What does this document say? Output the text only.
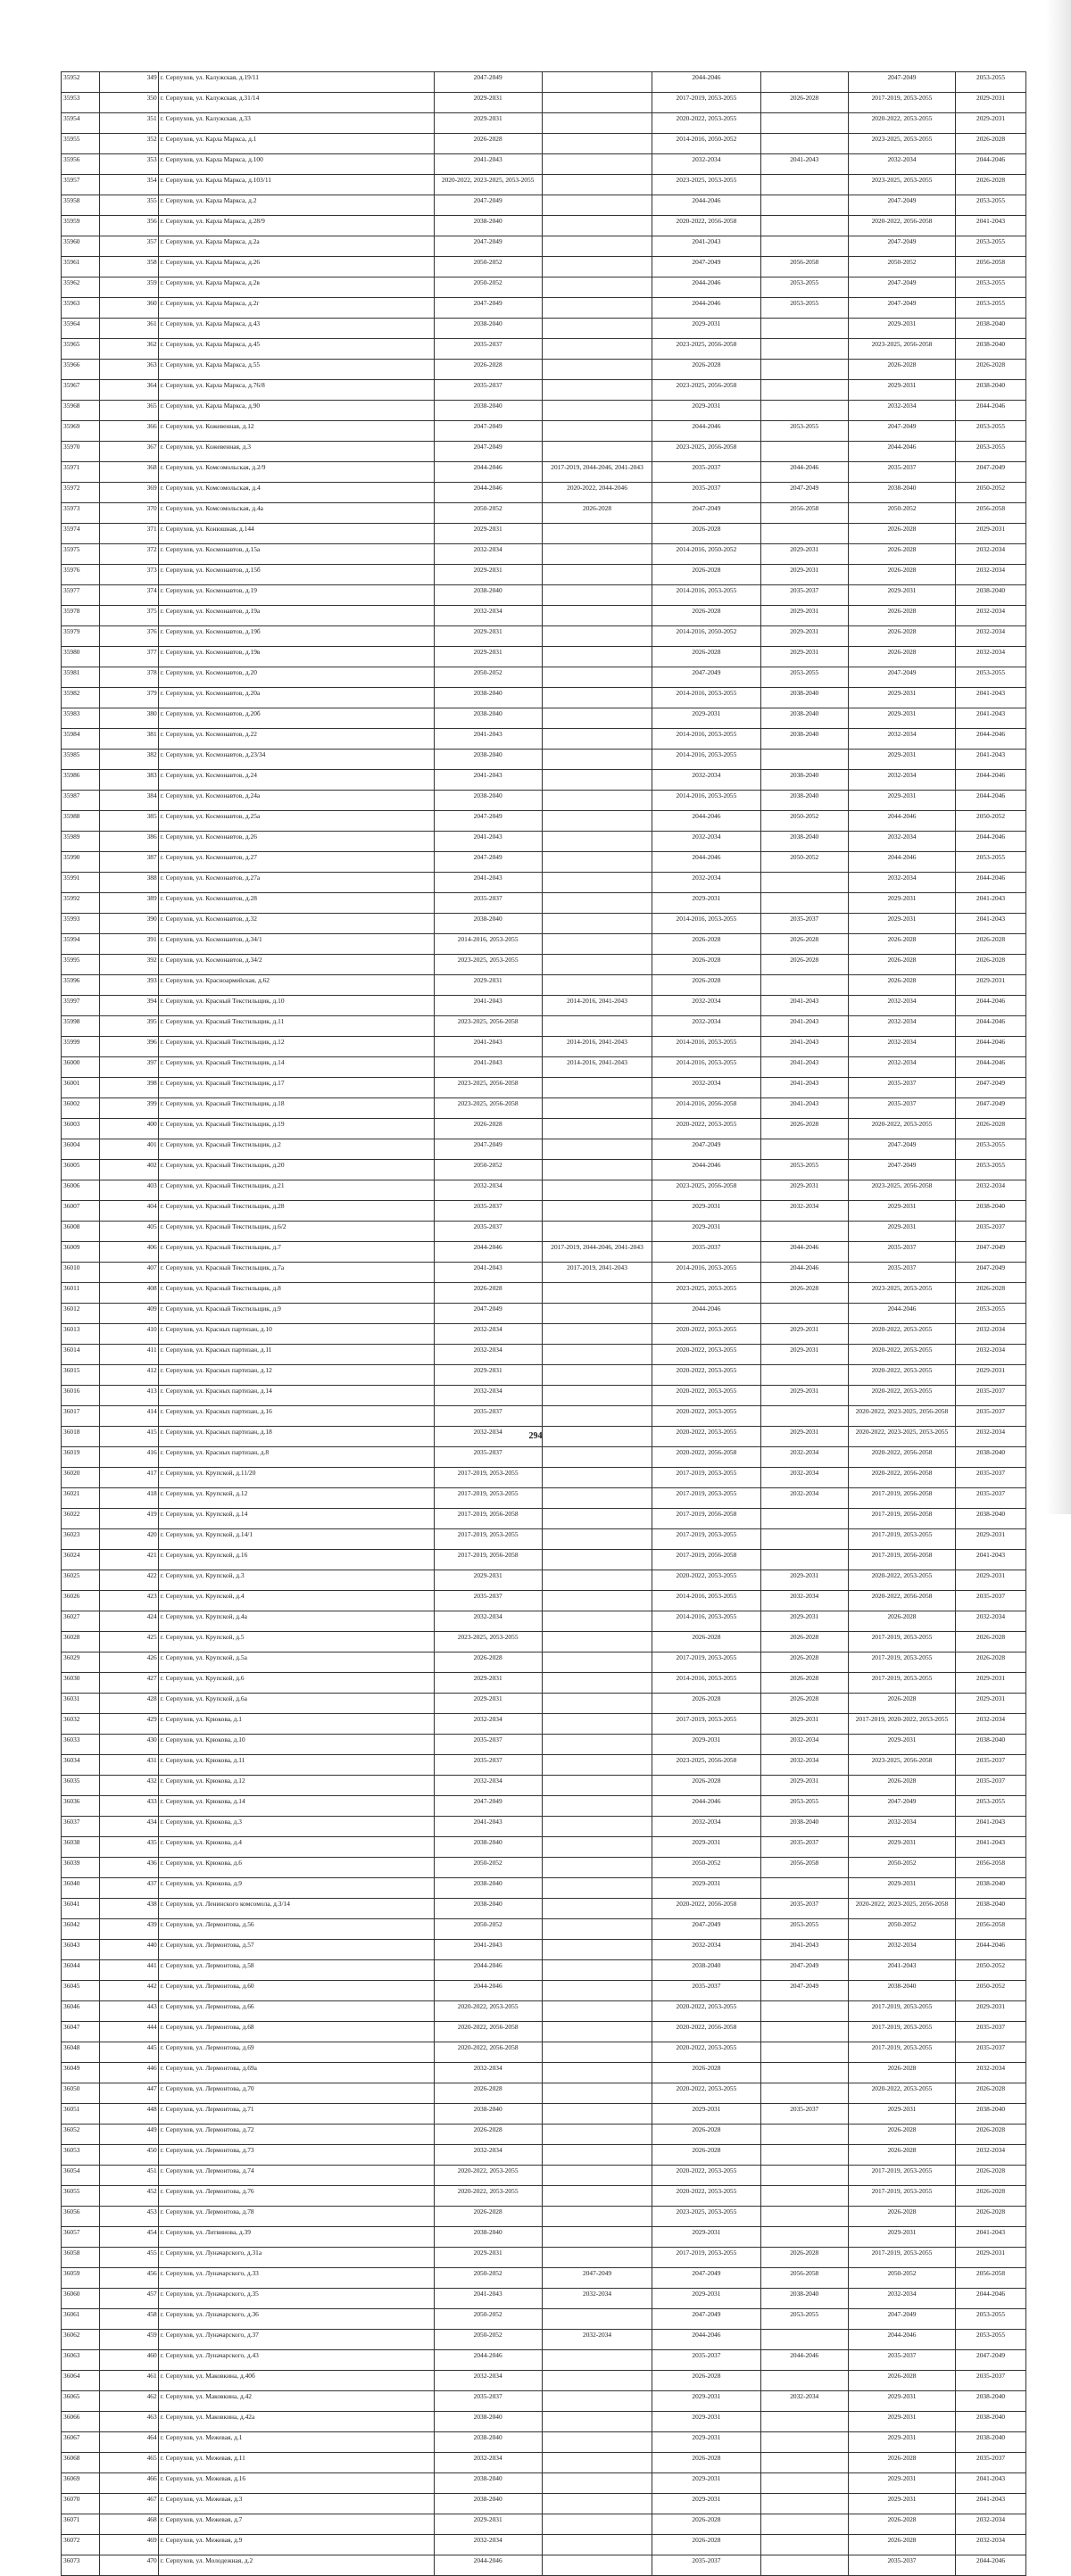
35952	349	г. Серпухов, ул. Калужская, д.19/11	2047-2049		2044-2046		2047-2049	2053-2055
35953	350	г. Серпухов, ул. Калужская, д.31/14	2029-2031		2017-2019, 2053-2055	2026-2028	2017-2019, 2053-2055	2029-2031
35954	351	г. Серпухов, ул. Калужская, д.33	2029-2031		2020-2022, 2053-2055		2020-2022, 2053-2055	2029-2031
35955	352	г. Серпухов, ул. Карла Маркса, д.1	2026-2028		2014-2016, 2050-2052		2023-2025, 2053-2055	2026-2028
35956	353	г. Серпухов, ул. Карла Маркса, д.100	2041-2043		2032-2034	2041-2043	2032-2034	2044-2046
35957	354	г. Серпухов, ул. Карла Маркса, д.103/11	2020-2022, 2023-2025, 2053-2055		2023-2025, 2053-2055		2023-2025, 2053-2055	2026-2028
35958	355	г. Серпухов, ул. Карла Маркса, д.2	2047-2049		2044-2046		2047-2049	2053-2055
35959	356	г. Серпухов, ул. Карла Маркса, д.28/9	2038-2040		2020-2022, 2056-2058		2020-2022, 2056-2058	2041-2043
35960	357	г. Серпухов, ул. Карла Маркса, д.2а	2047-2049		2041-2043		2047-2049	2053-2055
35961	358	г. Серпухов, ул. Карла Маркса, д.26	2050-2052		2047-2049	2056-2058	2050-2052	2056-2058
35962	359	г. Серпухов, ул. Карла Маркса, д.2в	2050-2052		2044-2046	2053-2055	2047-2049	2053-2055
35963	360	г. Серпухов, ул. Карла Маркса, д.2г	2047-2049		2044-2046	2053-2055	2047-2049	2053-2055
35964	361	г. Серпухов, ул. Карла Маркса, д.43	2038-2040		2029-2031		2029-2031	2038-2040
35965	362	г. Серпухов, ул. Карла Маркса, д.45	2035-2037		2023-2025, 2056-2058		2023-2025, 2056-2058	2038-2040
35966	363	г. Серпухов, ул. Карла Маркса, д.55	2026-2028		2026-2028		2026-2028	2026-2028
35967	364	г. Серпухов, ул. Карла Маркса, д.76/8	2035-2037		2023-2025, 2056-2058		2029-2031	2038-2040
35968	365	г. Серпухов, ул. Карла Маркса, д.90	2038-2040		2029-2031		2032-2034	2044-2046
35969	366	г. Серпухов, ул. Кожевенная, д.12	2047-2049		2044-2046	2053-2055	2047-2049	2053-2055
35970	367	г. Серпухов, ул. Кожевенная, д.3	2047-2049		2023-2025, 2056-2058		2044-2046	2053-2055
35971	368	г. Серпухов, ул. Комсомольская, д.2/9	2044-2046	2017-2019, 2044-2046, 2041-2043	2035-2037	2044-2046	2035-2037	2047-2049
35972	369	г. Серпухов, ул. Комсомольская, д.4	2044-2046	2020-2022, 2044-2046	2035-2037	2047-2049	2038-2040	2050-2052
35973	370	г. Серпухов, ул. Комсомольская, д.4а	2050-2052	2026-2028	2047-2049	2056-2058	2050-2052	2056-2058
35974	371	г. Серпухов, ул. Конюшная, д.144	2029-2031		2026-2028		2026-2028	2029-2031
35975	372	г. Серпухов, ул. Космонавтов, д.15а	2032-2034		2014-2016, 2050-2052	2029-2031	2026-2028	2032-2034
35976	373	г. Серпухов, ул. Космонавтов, д.15б	2029-2031		2026-2028	2029-2031	2026-2028	2032-2034
35977	374	г. Серпухов, ул. Космонавтов, д.19	2038-2040		2014-2016, 2053-2055	2035-2037	2029-2031	2038-2040
35978	375	г. Серпухов, ул. Космонавтов, д.19а	2032-2034		2026-2028	2029-2031	2026-2028	2032-2034
35979	376	г. Серпухов, ул. Космонавтов, д.19б	2029-2031		2014-2016, 2050-2052	2029-2031	2026-2028	2032-2034
35980	377	г. Серпухов, ул. Космонавтов, д.19в	2029-2031		2026-2028	2029-2031	2026-2028	2032-2034
35981	378	г. Серпухов, ул. Космонавтов, д.20	2050-2052		2047-2049	2053-2055	2047-2049	2053-2055
35982	379	г. Серпухов, ул. Космонавтов, д.20а	2038-2040		2014-2016, 2053-2055	2038-2040	2029-2031	2041-2043
35983	380	г. Серпухов, ул. Космонавтов, д.20б	2038-2040		2029-2031	2038-2040	2029-2031	2041-2043
35984	381	г. Серпухов, ул. Космонавтов, д.22	2041-2043		2014-2016, 2053-2055	2038-2040	2032-2034	2044-2046
35985	382	г. Серпухов, ул. Космонавтов, д.23/34	2038-2040		2014-2016, 2053-2055		2029-2031	2041-2043
35986	383	г. Серпухов, ул. Космонавтов, д.24	2041-2043		2032-2034	2038-2040	2032-2034	2044-2046
35987	384	г. Серпухов, ул. Космонавтов, д.24а	2038-2040		2014-2016, 2053-2055	2038-2040	2029-2031	2044-2046
35988	385	г. Серпухов, ул. Космонавтов, д.25а	2047-2049		2044-2046	2050-2052	2044-2046	2050-2052
35989	386	г. Серпухов, ул. Космонавтов, д.26	2041-2043		2032-2034	2038-2040	2032-2034	2044-2046
35990	387	г. Серпухов, ул. Космонавтов, д.27	2047-2049		2044-2046	2050-2052	2044-2046	2053-2055
35991	388	г. Серпухов, ул. Космонавтов, д.27а	2041-2043		2032-2034		2032-2034	2044-2046
35992	389	г. Серпухов, ул. Космонавтов, д.28	2035-2037		2029-2031		2029-2031	2041-2043
35993	390	г. Серпухов, ул. Космонавтов, д.32	2038-2040		2014-2016, 2053-2055	2035-2037	2029-2031	2041-2043
35994	391	г. Серпухов, ул. Космонавтов, д.34/1	2014-2016, 2053-2055		2026-2028	2026-2028	2026-2028	2026-2028
35995	392	г. Серпухов, ул. Космонавтов, д.34/2	2023-2025, 2053-2055		2026-2028	2026-2028	2026-2028	2026-2028
35996	393	г. Серпухов, ул. Красноармейская, д.62	2029-2031		2026-2028		2026-2028	2029-2031
35997	394	г. Серпухов, ул. Красный Текстильщик, д.10	2041-2043	2014-2016, 2041-2043	2032-2034	2041-2043	2032-2034	2044-2046
35998	395	г. Серпухов, ул. Красный Текстильщик, д.11	2023-2025, 2056-2058		2032-2034	2041-2043	2032-2034	2044-2046
35999	396	г. Серпухов, ул. Красный Текстильщик, д.12	2041-2043	2014-2016, 2041-2043	2014-2016, 2053-2055	2041-2043	2032-2034	2044-2046
36000	397	г. Серпухов, ул. Красный Текстильщик, д.14	2041-2043	2014-2016, 2041-2043	2014-2016, 2053-2055	2041-2043	2032-2034	2044-2046
36001	398	г. Серпухов, ул. Красный Текстильщик, д.17	2023-2025, 2056-2058		2032-2034	2041-2043	2035-2037	2047-2049
36002	399	г. Серпухов, ул. Красный Текстильщик, д.18	2023-2025, 2056-2058		2014-2016, 2056-2058	2041-2043	2035-2037	2047-2049
36003	400	г. Серпухов, ул. Красный Текстильщик, д.19	2026-2028		2020-2022, 2053-2055	2026-2028	2020-2022, 2053-2055	2026-2028
36004	401	г. Серпухов, ул. Красный Текстильщик, д.2	2047-2049		2047-2049		2047-2049	2053-2055
36005	402	г. Серпухов, ул. Красный Текстильщик, д.20	2050-2052		2044-2046	2053-2055	2047-2049	2053-2055
36006	403	г. Серпухов, ул. Красный Текстильщик, д.21	2032-2034		2023-2025, 2056-2058	2029-2031	2023-2025, 2056-2058	2032-2034
36007	404	г. Серпухов, ул. Красный Текстильщик, д.28	2035-2037		2029-2031	2032-2034	2029-2031	2038-2040
36008	405	г. Серпухов, ул. Красный Текстильщик, д.6/2	2035-2037		2029-2031		2029-2031	2035-2037
36009	406	г. Серпухов, ул. Красный Текстильщик, д.7	2044-2046	2017-2019, 2044-2046, 2041-2043	2035-2037	2044-2046	2035-2037	2047-2049
36010	407	г. Серпухов, ул. Красный Текстильщик, д.7а	2041-2043	2017-2019, 2041-2043	2014-2016, 2053-2055	2044-2046	2035-2037	2047-2049
36011	408	г. Серпухов, ул. Красный Текстильщик, д.8	2026-2028		2023-2025, 2053-2055	2026-2028	2023-2025, 2053-2055	2026-2028
36012	409	г. Серпухов, ул. Красный Текстильщик, д.9	2047-2049		2044-2046		2044-2046	2053-2055
36013	410	г. Серпухов, ул. Красных партизан, д.10	2032-2034		2020-2022, 2053-2055	2029-2031	2020-2022, 2053-2055	2032-2034
36014	411	г. Серпухов, ул. Красных партизан, д.11	2032-2034		2020-2022, 2053-2055	2029-2031	2020-2022, 2053-2055	2032-2034
36015	412	г. Серпухов, ул. Красных партизан, д.12	2029-2031		2020-2022, 2053-2055		2020-2022, 2053-2055	2029-2031
36016	413	г. Серпухов, ул. Красных партизан, д.14	2032-2034		2020-2022, 2053-2055	2029-2031	2020-2022, 2053-2055	2035-2037
36017	414	г. Серпухов, ул. Красных партизан, д.16	2035-2037		2020-2022, 2053-2055		2020-2022, 2023-2025, 2056-2058	2035-2037
36018	415	г. Серпухов, ул. Красных партизан, д.18	2032-2034		2020-2022, 2053-2055	2029-2031	2020-2022, 2023-2025, 2053-2055	2032-2034
36019	416	г. Серпухов, ул. Красных партизан, д.8	2035-2037		2020-2022, 2056-2058	2032-2034	2020-2022, 2056-2058	2038-2040
36020	417	г. Серпухов, ул. Крупской, д.11/20	2017-2019, 2053-2055		2017-2019, 2053-2055	2032-2034	2020-2022, 2056-2058	2035-2037
36021	418	г. Серпухов, ул. Крупской, д.12	2017-2019, 2053-2055		2017-2019, 2053-2055	2032-2034	2017-2019, 2056-2058	2035-2037
36022	419	г. Серпухов, ул. Крупской, д.14	2017-2019, 2056-2058		2017-2019, 2056-2058		2017-2019, 2056-2058	2038-2040
36023	420	г. Серпухов, ул. Крупской, д.14/1	2017-2019, 2053-2055		2017-2019, 2053-2055		2017-2019, 2053-2055	2029-2031
36024	421	г. Серпухов, ул. Крупской, д.16	2017-2019, 2056-2058		2017-2019, 2056-2058		2017-2019, 2056-2058	2041-2043
36025	422	г. Серпухов, ул. Крупской, д.3	2029-2031		2020-2022, 2053-2055	2029-2031	2020-2022, 2053-2055	2029-2031
36026	423	г. Серпухов, ул. Крупской, д.4	2035-2037		2014-2016, 2053-2055	2032-2034	2020-2022, 2056-2058	2035-2037
36027	424	г. Серпухов, ул. Крупской, д.4а	2032-2034		2014-2016, 2053-2055	2029-2031	2026-2028	2032-2034
36028	425	г. Серпухов, ул. Крупской, д.5	2023-2025, 2053-2055		2026-2028	2026-2028	2017-2019, 2053-2055	2026-2028
36029	426	г. Серпухов, ул. Крупской, д.5а	2026-2028		2017-2019, 2053-2055	2026-2028	2017-2019, 2053-2055	2026-2028
36030	427	г. Серпухов, ул. Крупской, д.6	2029-2031		2014-2016, 2053-2055	2026-2028	2017-2019, 2053-2055	2029-2031
36031	428	г. Серпухов, ул. Крупской, д.6а	2029-2031		2026-2028	2026-2028	2026-2028	2029-2031
36032	429	г. Серпухов, ул. Крюкова, д.1	2032-2034		2017-2019, 2053-2055	2029-2031	2017-2019, 2020-2022, 2053-2055	2032-2034
36033	430	г. Серпухов, ул. Крюкова, д.10	2035-2037		2029-2031	2032-2034	2029-2031	2038-2040
36034	431	г. Серпухов, ул. Крюкова, д.11	2035-2037		2023-2025, 2056-2058	2032-2034	2023-2025, 2056-2058	2035-2037
36035	432	г. Серпухов, ул. Крюкова, д.12	2032-2034		2026-2028	2029-2031	2026-2028	2035-2037
36036	433	г. Серпухов, ул. Крюкова, д.14	2047-2049		2044-2046	2053-2055	2047-2049	2053-2055
36037	434	г. Серпухов, ул. Крюкова, д.3	2041-2043		2032-2034	2038-2040	2032-2034	2041-2043
36038	435	г. Серпухов, ул. Крюкова, д.4	2038-2040		2029-2031	2035-2037	2029-2031	2041-2043
36039	436	г. Серпухов, ул. Крюкова, д.6	2050-2052		2050-2052	2056-2058	2050-2052	2056-2058
36040	437	г. Серпухов, ул. Крюкова, д.9	2038-2040		2029-2031		2029-2031	2038-2040
36041	438	г. Серпухов, ул. Ленинского комсомола, д.3/14	2038-2040		2020-2022, 2056-2058	2035-2037	2020-2022, 2023-2025, 2056-2058	2038-2040
36042	439	г. Серпухов, ул. Лермонтова, д.56	2050-2052		2047-2049	2053-2055	2050-2052	2056-2058
36043	440	г. Серпухов, ул. Лермонтова, д.57	2041-2043		2032-2034	2041-2043	2032-2034	2044-2046
36044	441	г. Серпухов, ул. Лермонтова, д.58	2044-2046		2038-2040	2047-2049	2041-2043	2050-2052
36045	442	г. Серпухов, ул. Лермонтова, д.60	2044-2046		2035-2037	2047-2049	2038-2040	2050-2052
36046	443	г. Серпухов, ул. Лермонтова, д.66	2020-2022, 2053-2055		2020-2022, 2053-2055		2017-2019, 2053-2055	2029-2031
36047	444	г. Серпухов, ул. Лермонтова, д.68	2020-2022, 2056-2058		2020-2022, 2056-2058		2017-2019, 2053-2055	2035-2037
36048	445	г. Серпухов, ул. Лермонтова, д.69	2020-2022, 2056-2058		2020-2022, 2053-2055		2017-2019, 2053-2055	2035-2037
36049	446	г. Серпухов, ул. Лермонтова, д.69а	2032-2034		2026-2028		2026-2028	2032-2034
36050	447	г. Серпухов, ул. Лермонтова, д.70	2026-2028		2020-2022, 2053-2055		2020-2022, 2053-2055	2026-2028
36051	448	г. Серпухов, ул. Лермонтова, д.71	2038-2040		2029-2031	2035-2037	2029-2031	2038-2040
36052	449	г. Серпухов, ул. Лермонтова, д.72	2026-2028		2026-2028		2026-2028	2026-2028
36053	450	г. Серпухов, ул. Лермонтова, д.73	2032-2034		2026-2028		2026-2028	2032-2034
36054	451	г. Серпухов, ул. Лермонтова, д.74	2020-2022, 2053-2055		2020-2022, 2053-2055		2017-2019, 2053-2055	2026-2028
36055	452	г. Серпухов, ул. Лермонтова, д.76	2020-2022, 2053-2055		2020-2022, 2053-2055		2017-2019, 2053-2055	2026-2028
36056	453	г. Серпухов, ул. Лермонтова, д.78	2026-2028		2023-2025, 2053-2055		2026-2028	2026-2028
36057	454	г. Серпухов, ул. Литвинова, д.39	2038-2040		2029-2031		2029-2031	2041-2043
36058	455	г. Серпухов, ул. Луначарского, д.31а	2029-2031		2017-2019, 2053-2055	2026-2028	2017-2019, 2053-2055	2029-2031
36059	456	г. Серпухов, ул. Луначарского, д.33	2050-2052	2047-2049	2047-2049	2056-2058	2050-2052	2056-2058
36060	457	г. Серпухов, ул. Луначарского, д.35	2041-2043	2032-2034	2029-2031	2038-2040	2032-2034	2044-2046
36061	458	г. Серпухов, ул. Луначарского, д.36	2050-2052		2047-2049	2053-2055	2047-2049	2053-2055
36062	459	г. Серпухов, ул. Луначарского, д.37	2050-2052	2032-2034	2044-2046		2044-2046	2053-2055
36063	460	г. Серпухов, ул. Луначарского, д.43	2044-2046		2035-2037	2044-2046	2035-2037	2047-2049
36064	461	г. Серпухов, ул. Маковкина, д.40б	2032-2034		2026-2028		2026-2028	2035-2037
36065	462	г. Серпухов, ул. Маковкина, д.42	2035-2037		2029-2031	2032-2034	2029-2031	2038-2040
36066	463	г. Серпухов, ул. Маковкина, д.42а	2038-2040		2029-2031		2029-2031	2038-2040
36067	464	г. Серпухов, ул. Межевая, д.1	2038-2040		2029-2031		2029-2031	2038-2040
36068	465	г. Серпухов, ул. Межевая, д.11	2032-2034		2026-2028		2026-2028	2035-2037
36069	466	г. Серпухов, ул. Межевая, д.16	2038-2040		2029-2031		2029-2031	2041-2043
36070	467	г. Серпухов, ул. Межевая, д.3	2038-2040		2029-2031		2029-2031	2041-2043
36071	468	г. Серпухов, ул. Межевая, д.7	2029-2031		2026-2028		2026-2028	2032-2034
36072	469	г. Серпухов, ул. Межевая, д.9	2032-2034		2026-2028		2026-2028	2032-2034
36073	470	г. Серпухов, ул. Молодежная, д.2	2044-2046		2035-2037		2035-2037	2044-2046
294
